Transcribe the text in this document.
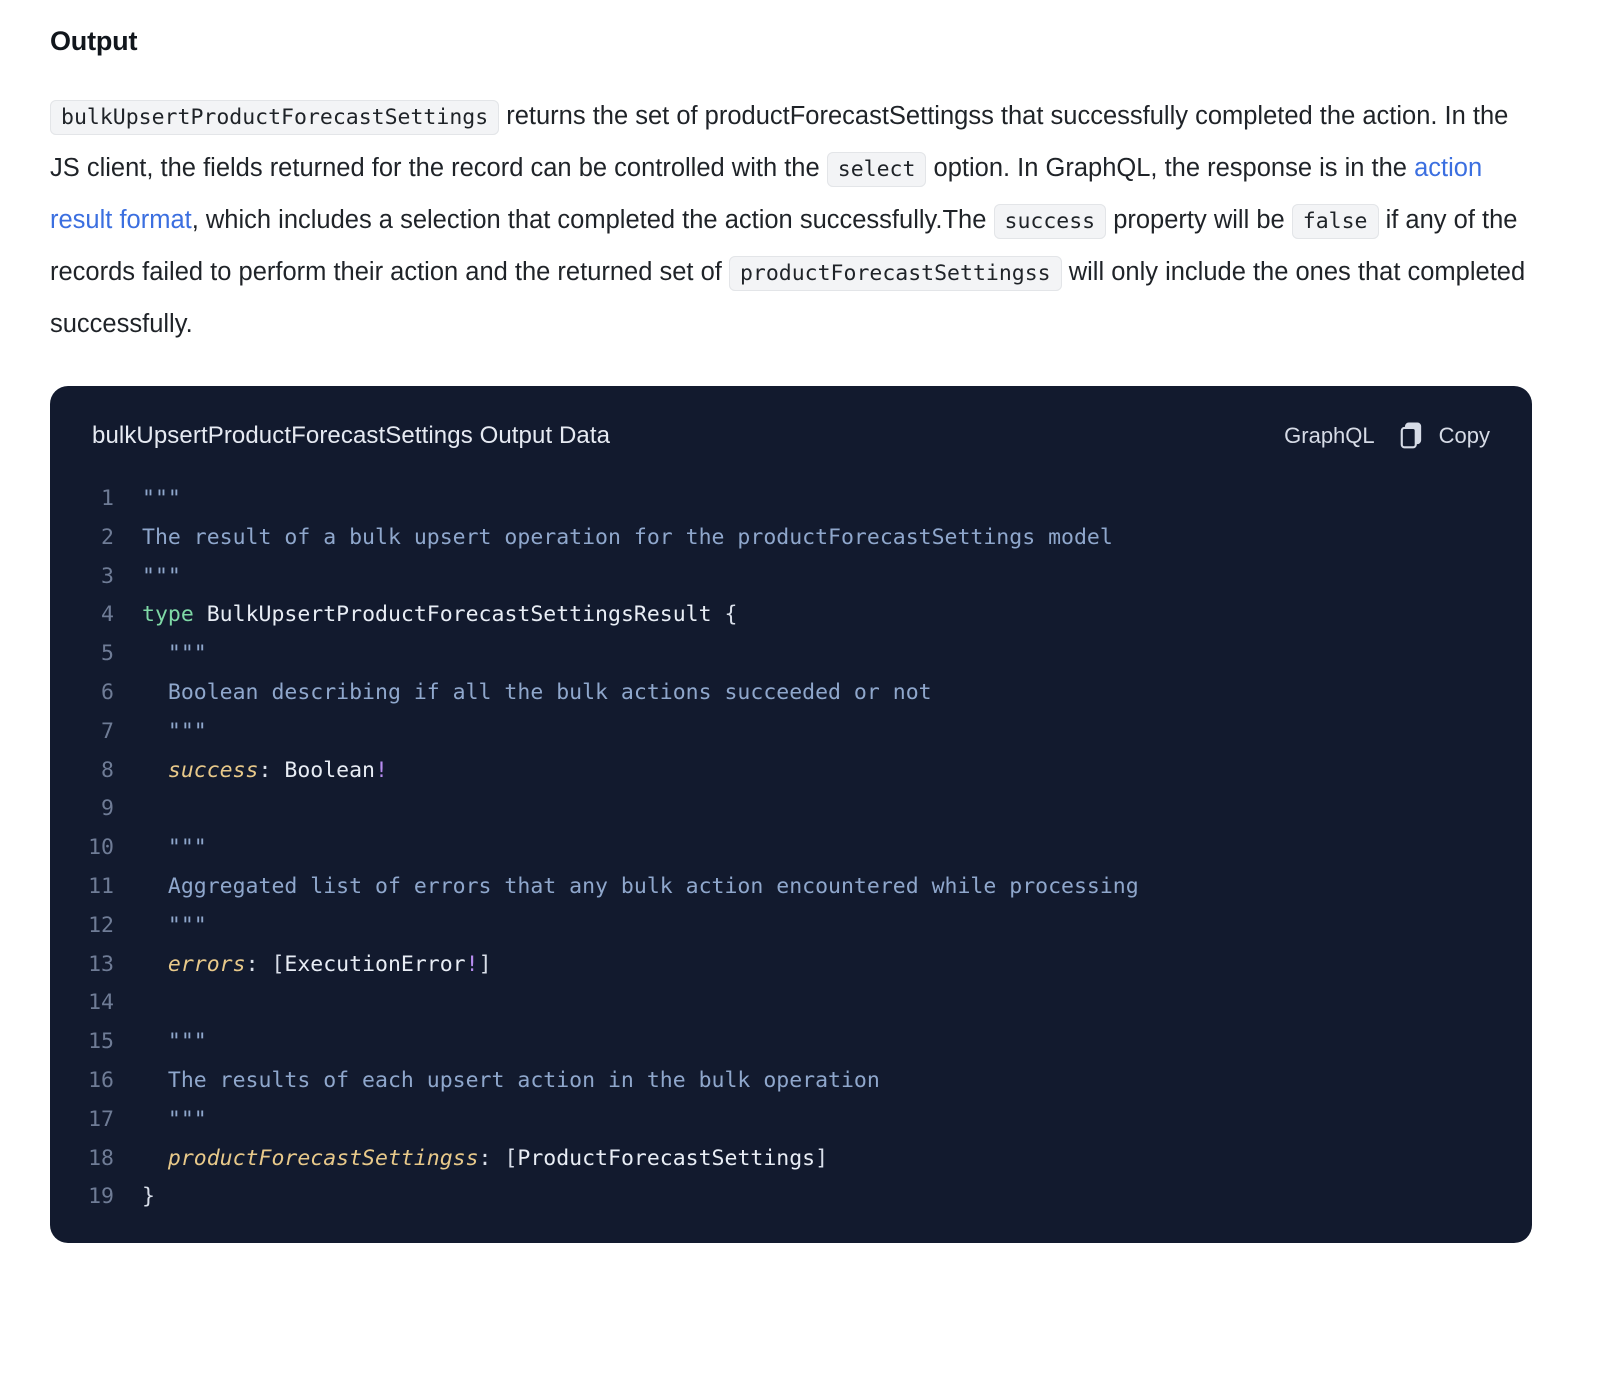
Output

bulkUpsertProductForecastSettings returns the set of productForecastSettingss that successfully completed the action. In the JS client, the fields returned for the record can be controlled with the select option. In GraphQL, the response is in the action result format, which includes a selection that completed the action successfully.The success property will be false if any of the records failed to perform their action and the returned set of productForecastSettingss will only include the ones that completed successfully.

bulkUpsertProductForecastSettings Output Data	GraphQL	Copy
1	"""
2	The result of a bulk upsert operation for the productForecastSettings model
3	"""
4	type BulkUpsertProductForecastSettingsResult {
5	"""
6	Boolean describing if all the bulk actions succeeded or not
7	"""
8	success: Boolean!
9
10	"""
11	Aggregated list of errors that any bulk action encountered while processing
12	"""
13	errors: [ExecutionError!]
14
15	"""
16	The results of each upsert action in the bulk operation
17	"""
18	productForecastSettingss: [ProductForecastSettings]
19	}
